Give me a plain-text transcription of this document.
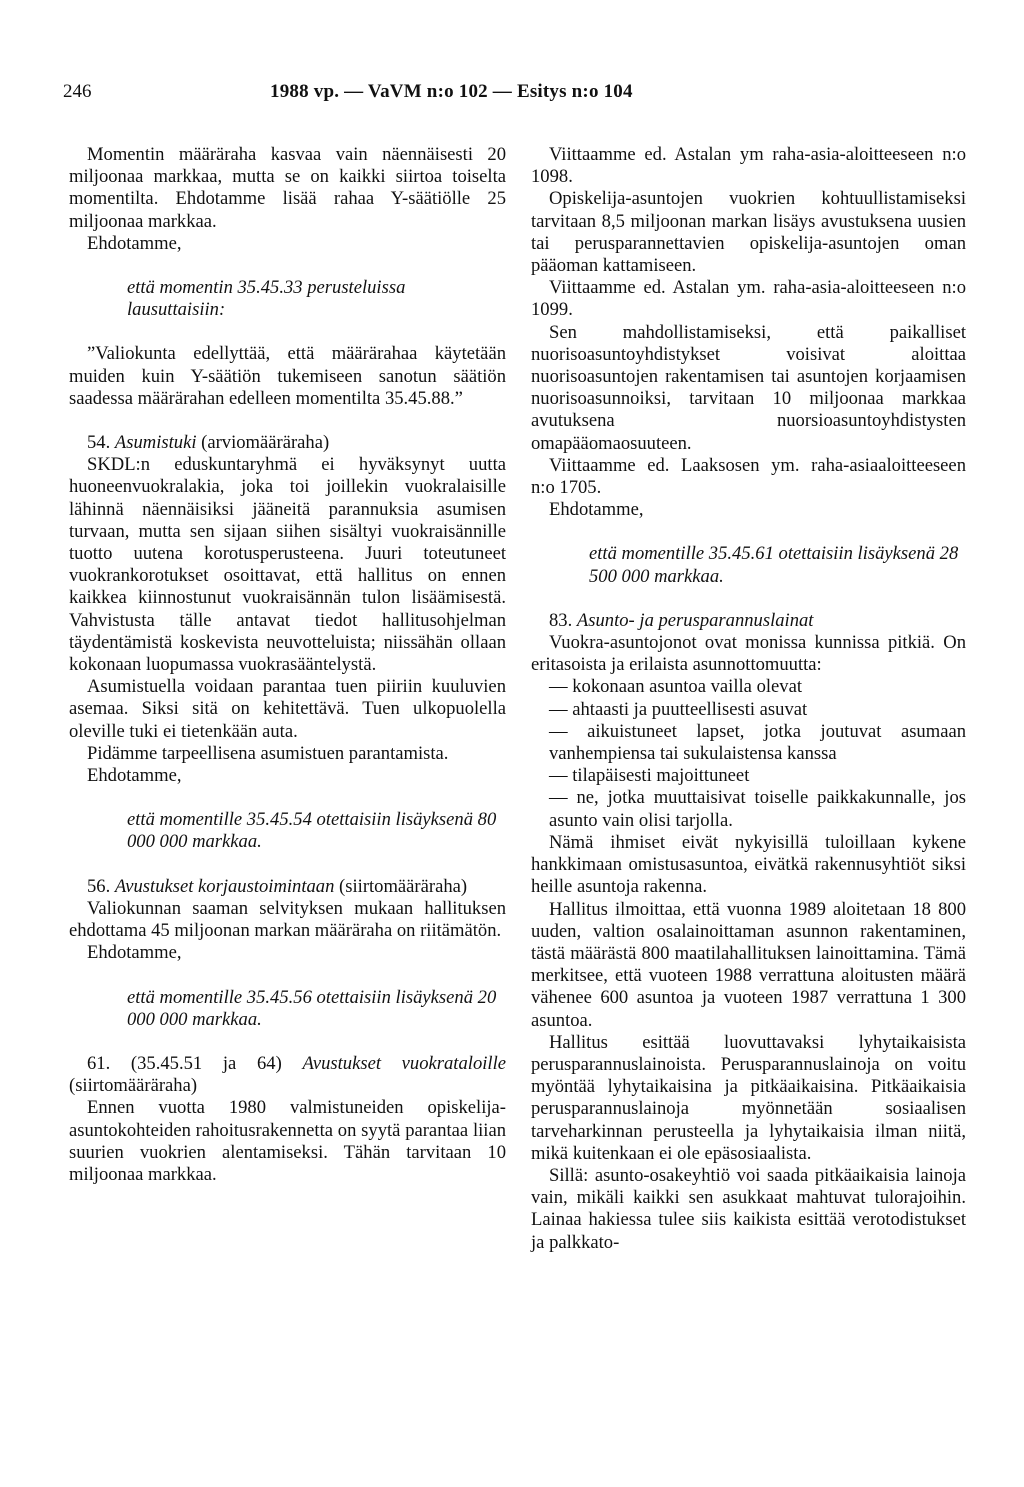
246	1988 vp. — VaVM n:o 102 — Esitys n:o 104

Momentin määräraha kasvaa vain näennäisesti 20 miljoonaa markkaa, mutta se on kaikki siirtoa toiselta momentilta. Ehdotamme lisää rahaa Y-säätiölle 25 miljoonaa markkaa.

Ehdotamme,

että momentin 35.45.33 perusteluissa lausuttaisiin:

”Valiokunta edellyttää, että määrärahaa käytetään muiden kuin Y-säätiön tukemiseen sanotun säätiön saadessa määrärahan edelleen momentilta 35.45.88.”

54. Asumistuki (arviomääräraha)

SKDL:n eduskuntaryhmä ei hyväksynyt uutta huoneenvuokralakia, joka toi joillekin vuokralaisille lähinnä näennäisiksi jääneitä parannuksia asumisen turvaan, mutta sen sijaan siihen sisältyi vuokraisännille tuotto uutena korotusperusteena. Juuri toteutuneet vuokrankorotukset osoittavat, että hallitus on ennen kaikkea kiinnostunut vuokraisännän tulon lisäämisestä. Vahvistusta tälle antavat tiedot hallitusohjelman täydentämistä koskevista neuvotteluista; niissähän ollaan kokonaan luopumassa vuokrasääntelystä.

Asumistuella voidaan parantaa tuen piiriin kuuluvien asemaa. Siksi sitä on kehitettävä. Tuen ulkopuolella oleville tuki ei tietenkään auta.

Pidämme tarpeellisena asumistuen parantamista.

Ehdotamme,

että momentille 35.45.54 otettaisiin lisäyksenä 80 000 000 markkaa.

56. Avustukset korjaustoimintaan (siirtomääräraha)

Valiokunnan saaman selvityksen mukaan hallituksen ehdottama 45 miljoonan markan määräraha on riitämätön.

Ehdotamme,

että momentille 35.45.56 otettaisiin lisäyksenä 20 000 000 markkaa.

61. (35.45.51 ja 64) Avustukset vuokrataloille (siirtomääräraha)

Ennen vuotta 1980 valmistuneiden opiskelija-asuntokohteiden rahoitusrakennetta on syytä parantaa liian suurien vuokrien alentamiseksi. Tähän tarvitaan 10 miljoonaa markkaa.

Viittaamme ed. Astalan ym raha-asia-aloitteeseen n:o 1098.

Opiskelija-asuntojen vuokrien kohtuullistamiseksi tarvitaan 8,5 miljoonan markan lisäys avustuksena uusien tai perusparannettavien opiskelija-asuntojen oman pääoman kattamiseen.

Viittaamme ed. Astalan ym. raha-asia-aloitteeseen n:o 1099.

Sen mahdollistamiseksi, että paikalliset nuorisoasuntoyhdistykset voisivat aloittaa nuorisoasuntojen rakentamisen tai asuntojen korjaamisen nuorisoasunnoiksi, tarvitaan 10 miljoonaa markkaa avutuksena nuorsioasuntoyhdistysten omapääomaosuuteen.

Viittaamme ed. Laaksosen ym. raha-asiaaloitteeseen n:o 1705.

Ehdotamme,

että momentille 35.45.61 otettaisiin lisäyksenä 28 500 000 markkaa.

83. Asunto- ja perusparannuslainat

Vuokra-asuntojonot ovat monissa kunnissa pitkiä. On eritasoista ja erilaista asunnottomuutta:

— kokonaan asuntoa vailla olevat

— ahtaasti ja puutteellisesti asuvat

— aikuistuneet lapset, jotka joutuvat asumaan vanhempiensa tai sukulaistensa kanssa

— tilapäisesti majoittuneet

— ne, jotka muuttaisivat toiselle paikkakunnalle, jos asunto vain olisi tarjolla.

Nämä ihmiset eivät nykyisillä tuloillaan kykene hankkimaan omistusasuntoa, eivätkä rakennusyhtiöt siksi heille asuntoja rakenna.

Hallitus ilmoittaa, että vuonna 1989 aloitetaan 18 800 uuden, valtion osalainoittaman asunnon rakentaminen, tästä määrästä 800 maatilahallituksen lainoittamina. Tämä merkitsee, että vuoteen 1988 verrattuna aloitusten määrä vähenee 600 asuntoa ja vuoteen 1987 verrattuna 1 300 asuntoa.

Hallitus esittää luovuttavaksi lyhytaikaisista perusparannuslainoista. Perusparannuslainoja on voitu myöntää lyhytaikaisina ja pitkäaikaisina. Pitkäaikaisia perusparannuslainoja myönnetään sosiaalisen tarveharkinnan perusteella ja lyhytaikaisia ilman niitä, mikä kuitenkaan ei ole epäsosiaalista.

Sillä: asunto-osakeyhtiö voi saada pitkäaikaisia lainoja vain, mikäli kaikki sen asukkaat mahtuvat tulorajoihin. Lainaa hakiessa tulee siis kaikista esittää verotodistukset ja palkkato-
